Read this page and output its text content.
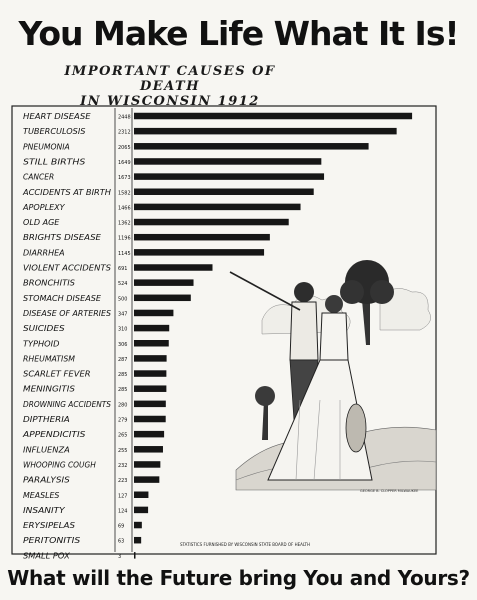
You Make Life What It Is!
IMPORTANT CAUSES OF DEATH
IN WISCONSIN 1912
HEART DISEASE
TUBERCULOSIS
PNEUMONIA
STILL BIRTHS
CANCER
ACCIDENTS AT BIRTH
APOPLEXY
OLD AGE
BRIGHTS DISEASE
DIARRHEA
VIOLENT ACCIDENTS
BRONCHITIS
STOMACH DISEASE
DISEASE OF ARTERIES
SUICIDES
TYPHOID
RHEUMATISM
SCARLET FEVER
MENINGITIS
DROWNING ACCIDENTS
DIPTHERIA
APPENDICITIS
INFLUENZA
WHOOPING COUGH
PARALYSIS
MEASLES
INSANITY
ERYSIPELAS
PERITONITIS
SMALL POX
2448
2312
2065
1649
1673
1582
1466
1362
1196
1145
691
524
500
347
310
306
287
285
285
280
279
265
255
232
223
127
124
69
63
3
STATISTICS FURNISHED BY WISCONSIN STATE BOARD OF HEALTH
GEORGE B. CLOPPER MILWAUKEE
What will the Future bring You and Yours?
